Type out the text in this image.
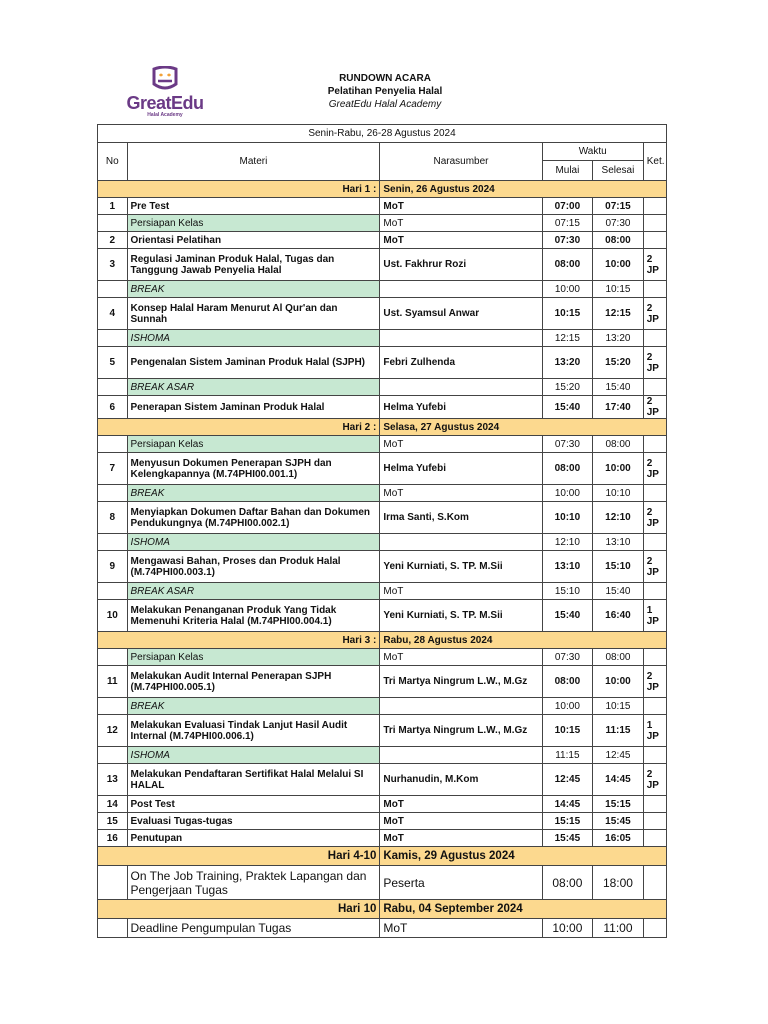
GreatEdu
Halal Academy
RUNDOWN ACARA
Pelatihan Penyelia Halal
GreatEdu Halal Academy
Senin-Rabu, 26-28 Agustus 2024					
No	Materi	Narasumber	Waktu		Ket.
			Mulai	Selesai	
Hari 1 :		Senin, 26 Agustus 2024			
1	Pre Test	MoT	07:00	07:15	
	Persiapan Kelas	MoT	07:15	07:30	
2	Orientasi Pelatihan	MoT	07:30	08:00	
3	Regulasi Jaminan Produk Halal, Tugas dan Tanggung Jawab Penyelia Halal	Ust. Fakhrur Rozi	08:00	10:00	2 JP
	BREAK		10:00	10:15	
4	Konsep Halal Haram Menurut Al Qur'an dan Sunnah	Ust. Syamsul Anwar	10:15	12:15	2 JP
	ISHOMA		12:15	13:20	
5	Pengenalan Sistem Jaminan Produk Halal (SJPH)	Febri Zulhenda	13:20	15:20	2 JP
	BREAK ASAR		15:20	15:40	
6	Penerapan Sistem Jaminan Produk Halal	Helma Yufebi	15:40	17:40	2 JP
Hari 2 :		Selasa, 27 Agustus 2024			
	Persiapan Kelas	MoT	07:30	08:00	
7	Menyusun Dokumen Penerapan SJPH dan Kelengkapannya (M.74PHI00.001.1)	Helma Yufebi	08:00	10:00	2 JP
	BREAK	MoT	10:00	10:10	
8	Menyiapkan Dokumen Daftar Bahan dan Dokumen Pendukungnya (M.74PHI00.002.1)	Irma Santi, S.Kom	10:10	12:10	2 JP
	ISHOMA		12:10	13:10	
9	Mengawasi Bahan, Proses dan Produk Halal (M.74PHI00.003.1)	Yeni Kurniati, S. TP. M.Sii	13:10	15:10	2 JP
	BREAK ASAR	MoT	15:10	15:40	
10	Melakukan Penanganan Produk Yang Tidak Memenuhi Kriteria Halal (M.74PHI00.004.1)	Yeni Kurniati, S. TP. M.Sii	15:40	16:40	1 JP
Hari 3 :		Rabu, 28 Agustus 2024			
	Persiapan Kelas	MoT	07:30	08:00	
11	Melakukan Audit Internal Penerapan SJPH (M.74PHI00.005.1)	Tri Martya Ningrum L.W., M.Gz	08:00	10:00	2 JP
	BREAK		10:00	10:15	
12	Melakukan Evaluasi Tindak Lanjut Hasil Audit Internal (M.74PHI00.006.1)	Tri Martya Ningrum L.W., M.Gz	10:15	11:15	1 JP
	ISHOMA		11:15	12:45	
13	Melakukan Pendaftaran Sertifikat Halal Melalui SI HALAL	Nurhanudin, M.Kom	12:45	14:45	2 JP
14	Post Test	MoT	14:45	15:15	
15	Evaluasi Tugas-tugas	MoT	15:15	15:45	
16	Penutupan	MoT	15:45	16:05	
Hari 4-10		Kamis, 29 Agustus 2024			
	On The Job Training, Praktek Lapangan dan Pengerjaan Tugas	Peserta	08:00	18:00	
Hari 10		Rabu, 04 September 2024			
	Deadline Pengumpulan Tugas	MoT	10:00	11:00	
